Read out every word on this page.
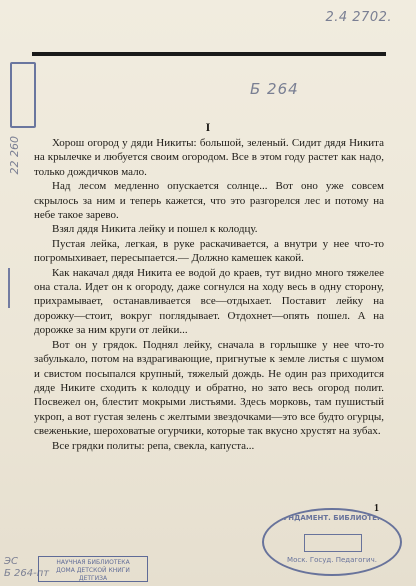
2.4 2702.
Б 264
22 260
I

Хорош огород у дяди Никиты: большой, зеленый. Сидит дядя Никита на крылечке и любуется своим огородом. Все в этом году растет как надо, только дождичков мало.

Над лесом медленно опускается солнце... Вот оно уже совсем скрылось за ним и теперь кажется, что это разгорелся лес и потому на небе такое зарево.

Взял дядя Никита лейку и пошел к колодцу.

Пустая лейка, легкая, в руке раскачивается, а внутри у нее что-то погромыхивает, пересыпается.— Должно камешек какой.

Как накачал дядя Никита ее водой до краев, тут видно много тяжелее она стала. Идет он к огороду, даже согнулся на ходу весь в одну сторону, прихрамывает, останавливается все—отдыхает. Поставит лейку на дорожку—стоит, вокруг поглядывает. Отдохнет—опять пошел. А на дорожке за ним круги от лейки...

Вот он у грядок. Поднял лейку, сначала в горлышке у нее что-то забулькало, потом на вздрагивающие, пригнутые к земле листья с шумом и свистом посыпался крупный, тяжелый дождь. Не один раз приходится дяде Никите сходить к колодцу и обратно, но зато весь огород полит. Посвежел он, блестит мокрыми листьями. Здесь морковь, там пушистый укроп, а вот густая зелень с желтыми звездочками—это все будто огурцы, свеженькие, шероховатые огурчики, которые так вкусно хрустят на зубах.

Все грядки политы: репа, свекла, капуста...

1
ЭС
Б 264-пт
НАУЧНАЯ БИБЛИОТЕКА
ДОМА ДЕТСКОЙ КНИГИ
ДЕТГИЗА
ФУНДАМЕНТ. БИБЛИОТЕКА
Моск. Госуд. Педагогич.
